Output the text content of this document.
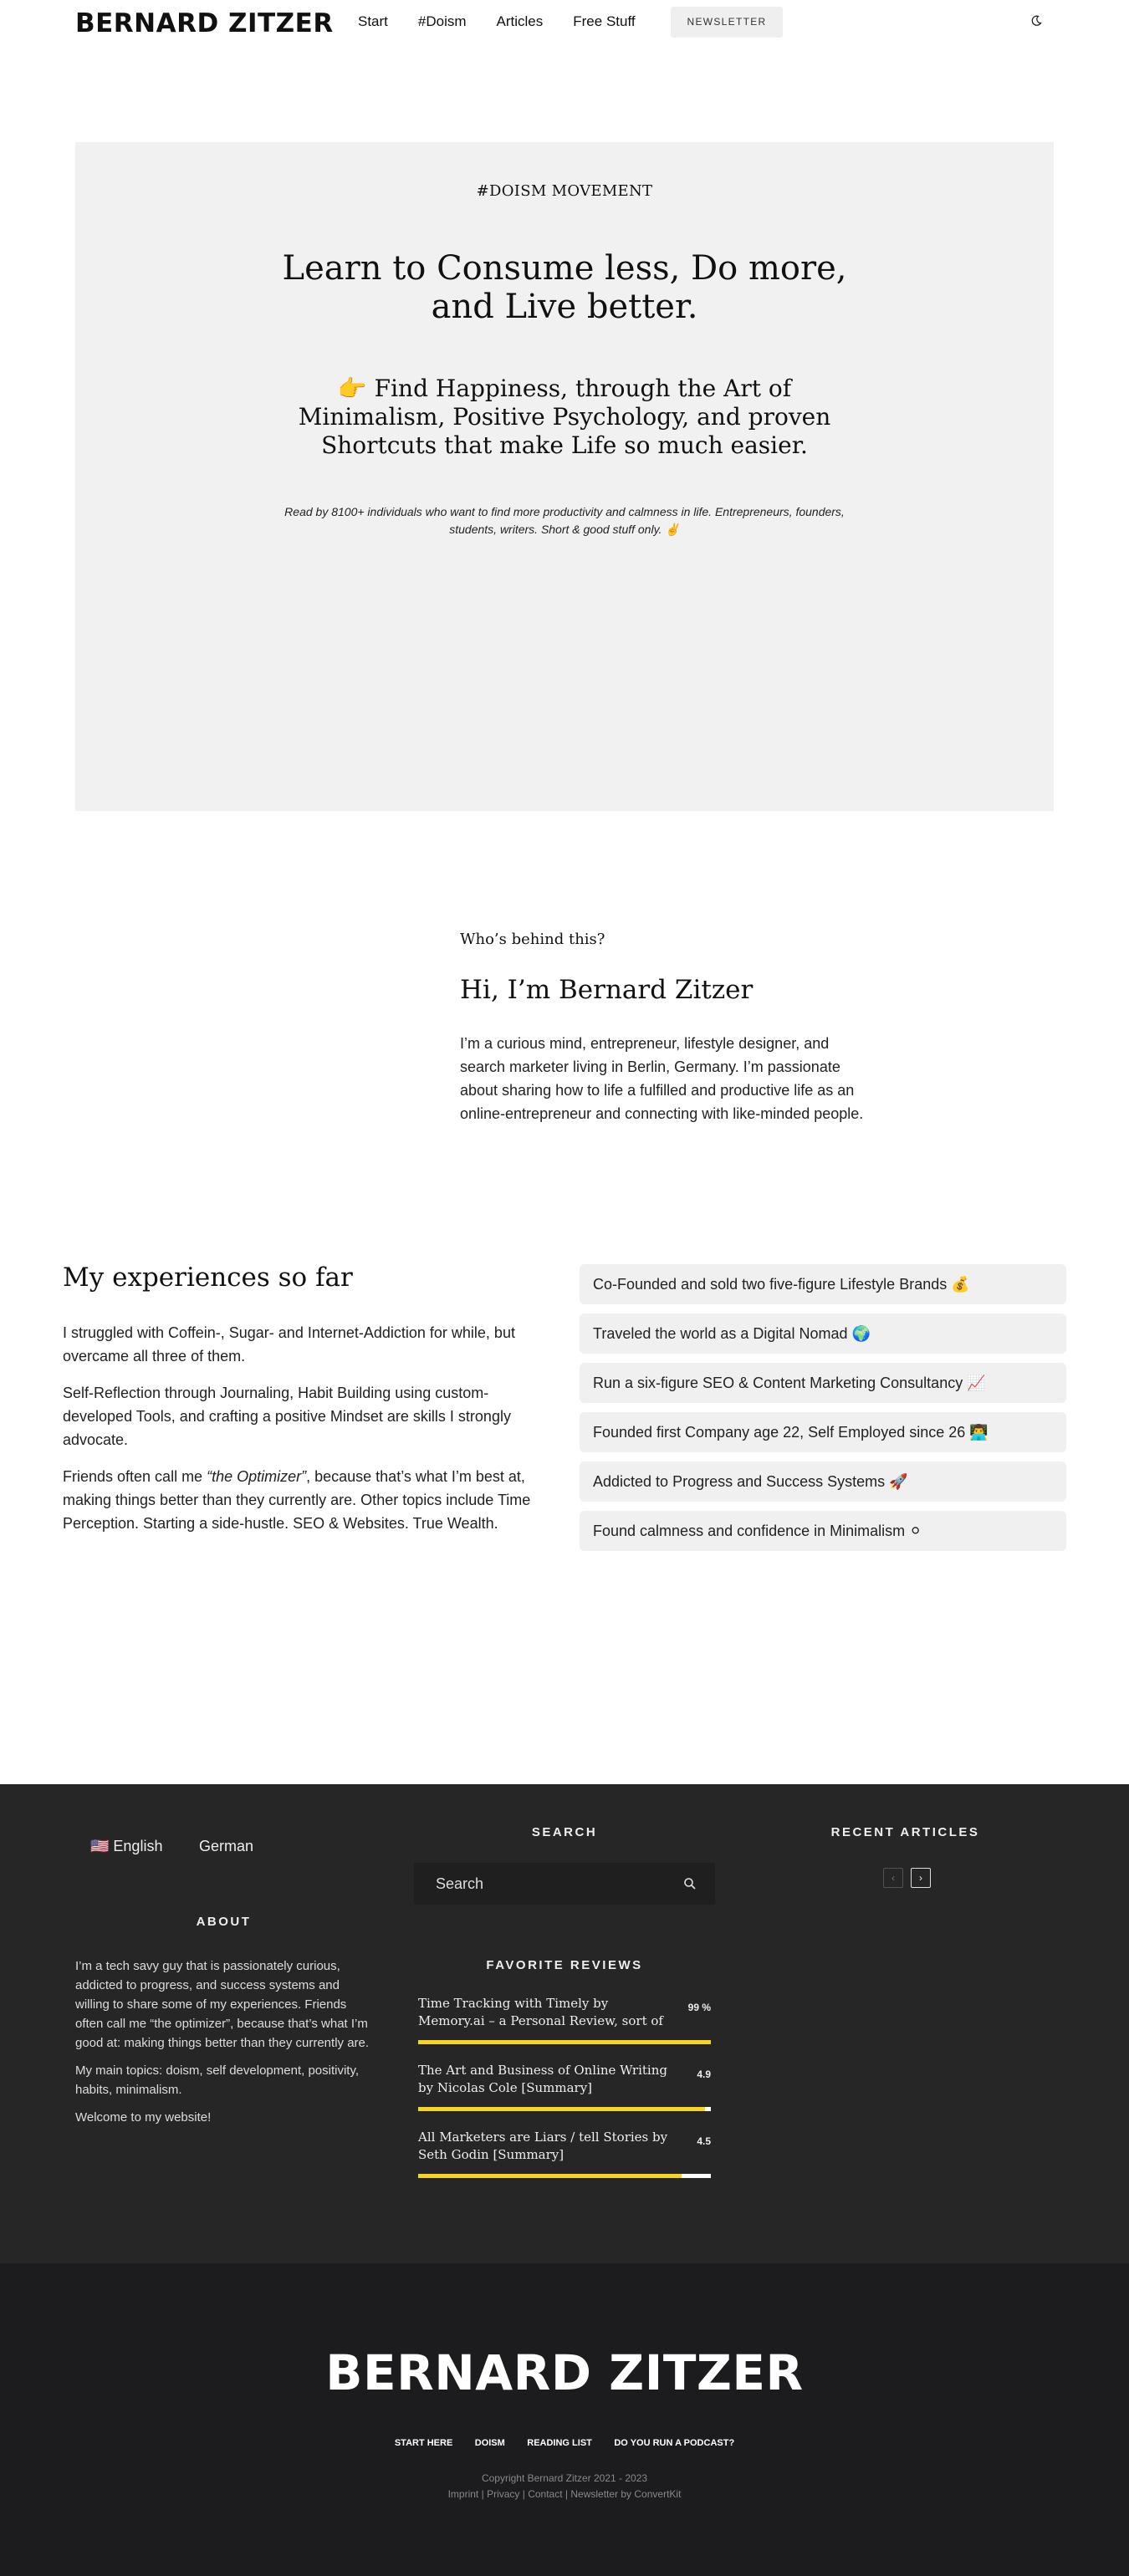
BERNARD ZITZER Start #Doism Articles Free Stuff	NEWSLETTER
#DOISM MOVEMENT
Learn to Consume less, Do more, and Live better.
👉 Find Happiness, through the Art of Minimalism, Positive Psychology, and proven Shortcuts that make Life so much easier.

Read by 8100+ individuals who want to find more productivity and calmness in life. Entrepreneurs, founders, students, writers. Short & good stuff only. ✌️

Who’s behind this?
Hi, I’m Bernard Zitzer

I’m a curious mind, entrepreneur, lifestyle designer, and search marketer living in Berlin, Germany. I’m passionate about sharing how to life a fulfilled and productive life as an online-entrepreneur and connecting with like-minded people.

My experiences so far

I struggled with Coffein-, Sugar- and Internet-Addiction for while, but overcame all three of them.

Self-Reflection through Journaling, Habit Building using custom-developed Tools, and crafting a positive Mindset are skills I strongly advocate.

Friends often call me “the Optimizer”, because that’s what I’m best at, making things better than they currently are. Other topics include Time Perception. Starting a side-hustle. SEO & Websites. True Wealth.

Co-Founded and sold two five-figure Lifestyle Brands 💰
Traveled the world as a Digital Nomad 🌍
Run a six-figure SEO & Content Marketing Consultancy 📈
Founded first Company age 22, Self Employed since 26 👨‍💻
Addicted to Progress and Success Systems 🚀
Found calmness and confidence in Minimalism ⚪
🇺🇸 English German
ABOUT

I’m a tech savy guy that is passionately curious, addicted to progress, and success systems and willing to share some of my experiences. Friends often call me “the optimizer”, because that’s what I’m good at: making things better than they currently are.

My main topics: doism, self development, positivity, habits, minimalism.

Welcome to my website!

SEARCH
Search
FAVORITE REVIEWS
Time Tracking with Timely by Memory.ai – a Personal Review, sort of
99 %
The Art and Business of Online Writing by Nicolas Cole [Summary]
4.9
All Marketers are Liars / tell Stories by Seth Godin [Summary]
4.5
RECENT ARTICLES
‹	›
BERNARD ZITZER
START HERE DOISM READING LIST DO YOU RUN A PODCAST?
Copyright Bernard Zitzer 2021 - 2023
Imprint | Privacy | Contact | Newsletter by ConvertKit
